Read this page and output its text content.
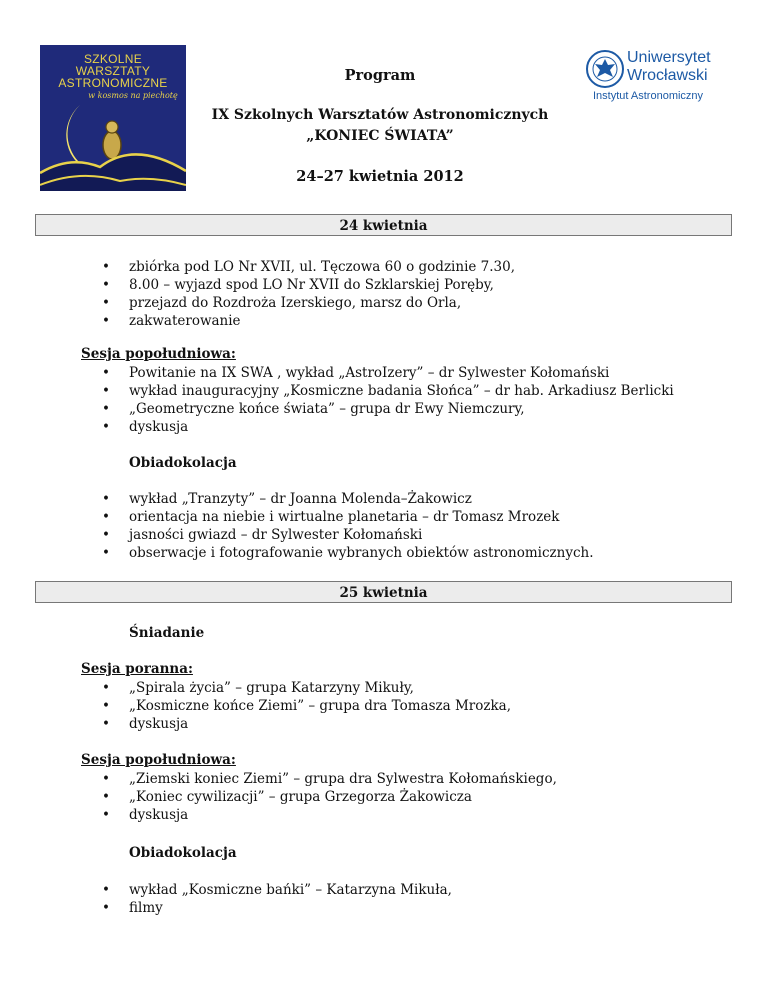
SZKOLNE
WARSZTATY
ASTRONOMICZNE
w kosmos na piechotę
Uniwersytet
Wrocławski
Instytut Astronomiczny
Program
IX Szkolnych Warsztatów Astronomicznych
„KONIEC ŚWIATA”
24–27 kwietnia 2012
24 kwietnia
• zbiórka pod LO Nr XVII, ul. Tęczowa 60 o godzinie 7.30,
• 8.00 – wyjazd spod LO Nr XVII do Szklarskiej Poręby,
• przejazd do Rozdroża Izerskiego, marsz do Orla,
• zakwaterowanie
Sesja popołudniowa:
• Powitanie na IX SWA , wykład „AstroIzery” – dr Sylwester Kołomański
• wykład inauguracyjny „Kosmiczne badania Słońca” – dr hab. Arkadiusz Berlicki
• „Geometryczne końce świata” – grupa dr Ewy Niemczury,
• dyskusja
Obiadokolacja
• wykład „Tranzyty” – dr Joanna Molenda–Żakowicz
• orientacja na niebie i wirtualne planetaria – dr Tomasz Mrozek
• jasności gwiazd – dr Sylwester Kołomański
• obserwacje i fotografowanie wybranych obiektów astronomicznych.
25 kwietnia
Śniadanie
Sesja poranna:
• „Spirala życia” – grupa Katarzyny Mikuły,
• „Kosmiczne końce Ziemi” – grupa dra Tomasza Mrozka,
• dyskusja
Sesja popołudniowa:
• „Ziemski koniec Ziemi” – grupa dra Sylwestra Kołomańskiego,
• „Koniec cywilizacji” – grupa Grzegorza Żakowicza
• dyskusja
Obiadokolacja
• wykład „Kosmiczne bańki” – Katarzyna Mikuła,
• filmy
